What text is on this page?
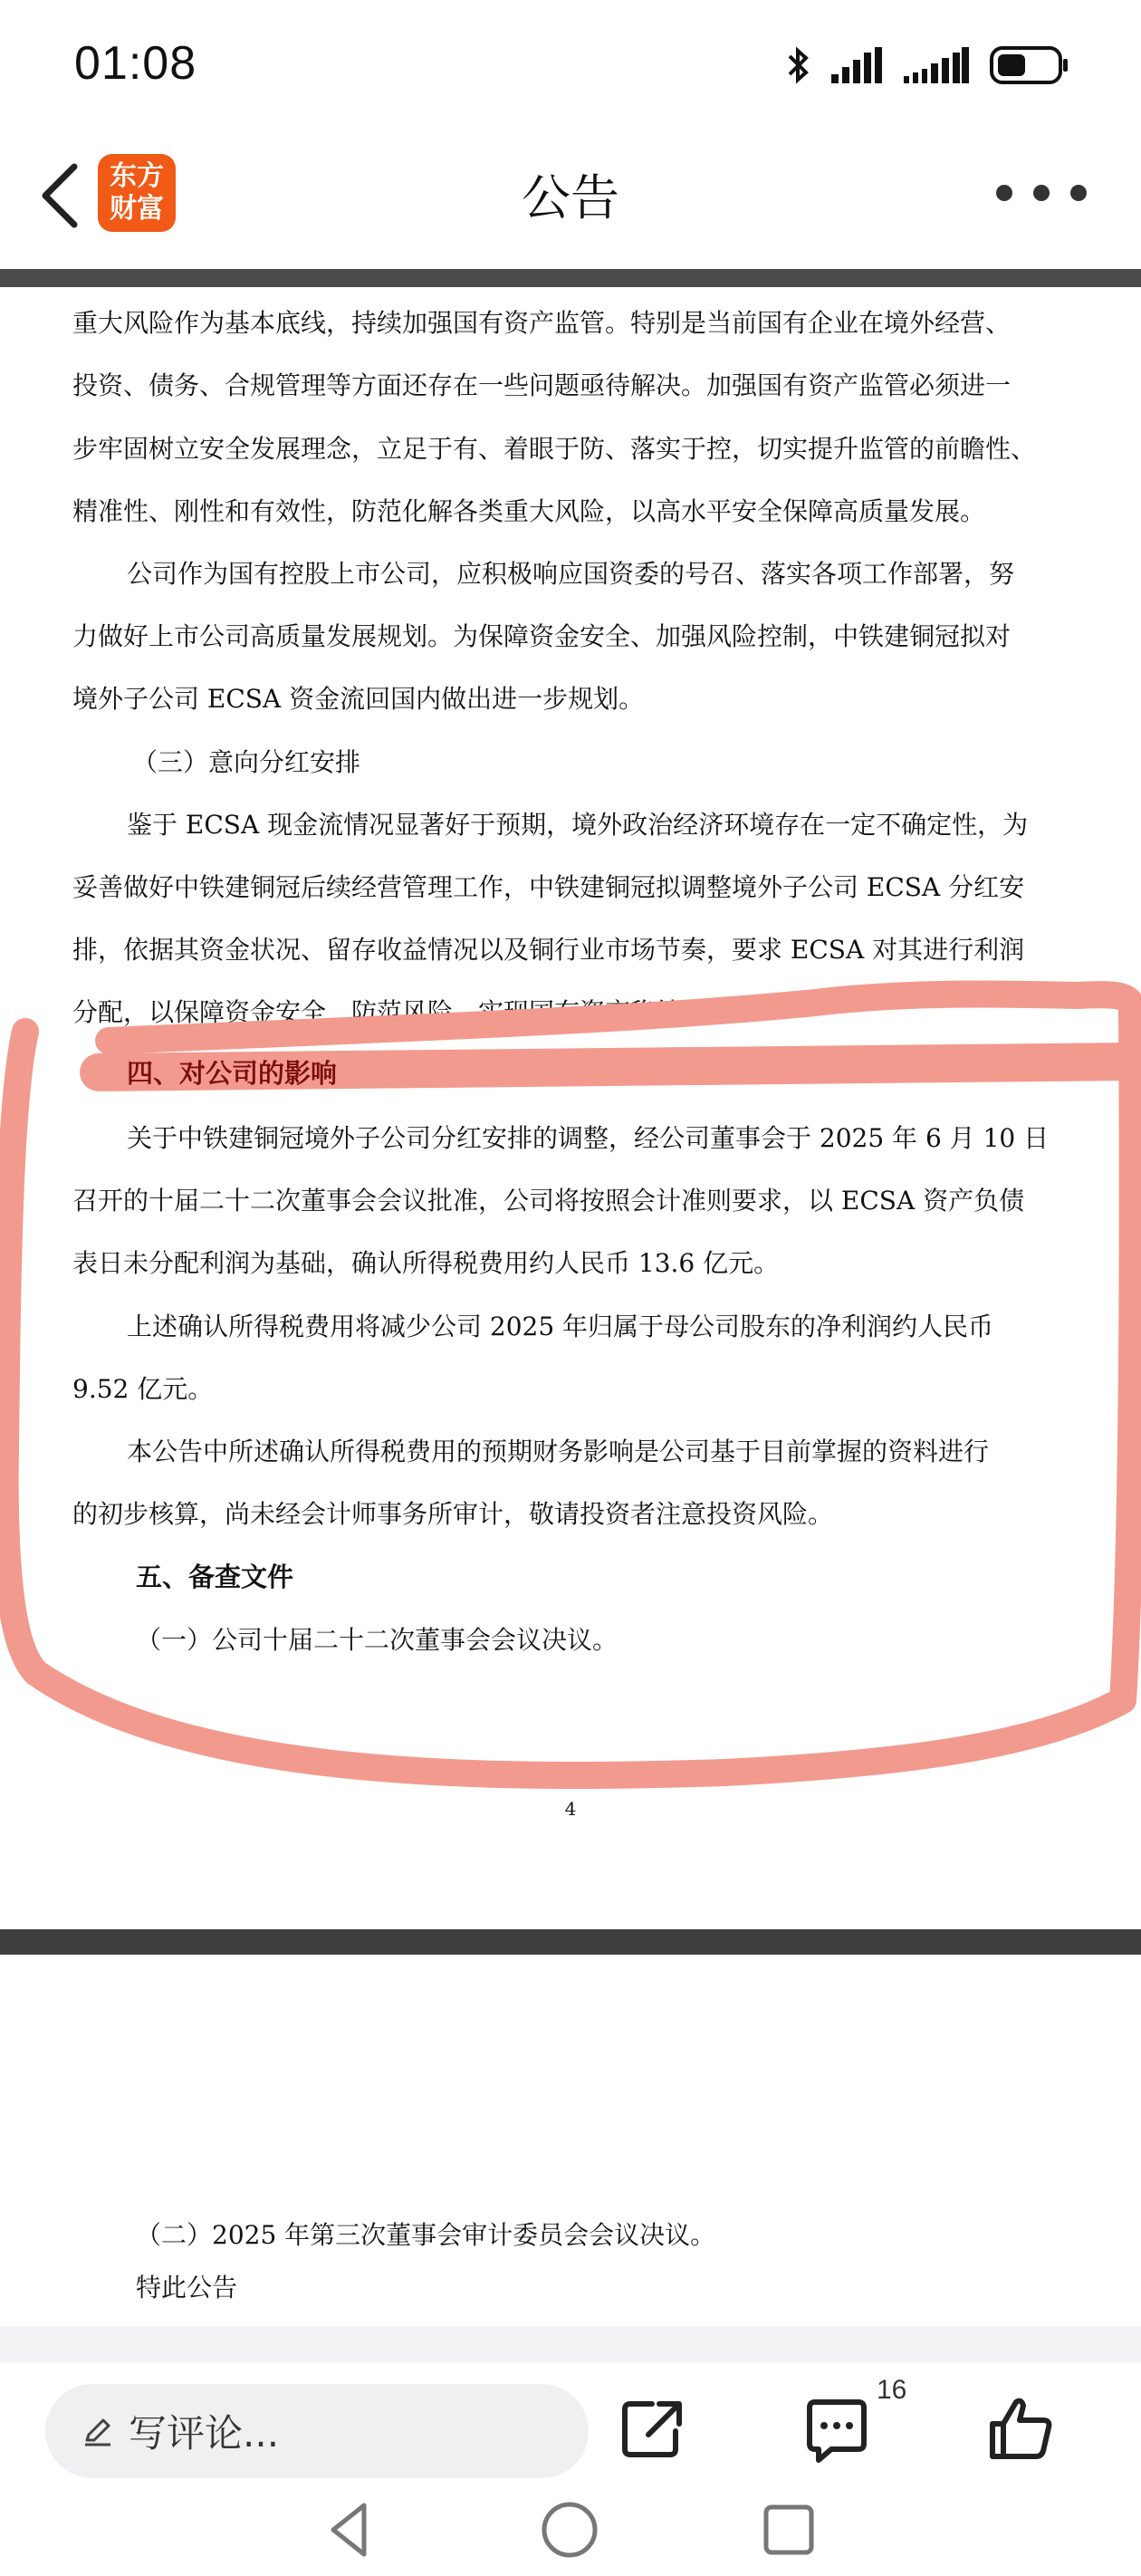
01:08
东方
财富	公告
重大风险作为基本底线，持续加强国有资产监管。特别是当前国有企业在境外经营、
投资、债务、合规管理等方面还存在一些问题亟待解决。加强国有资产监管必须进一
步牢固树立安全发展理念，立足于有、着眼于防、落实于控，切实提升监管的前瞻性、
精准性、刚性和有效性，防范化解各类重大风险，以高水平安全保障高质量发展。
公司作为国有控股上市公司，应积极响应国资委的号召、落实各项工作部署，努
力做好上市公司高质量发展规划。为保障资金安全、加强风险控制，中铁建铜冠拟对
境外子公司 ECSA 资金流回国内做出进一步规划。
（三）意向分红安排
鉴于 ECSA 现金流情况显著好于预期，境外政治经济环境存在一定不确定性，为
妥善做好中铁建铜冠后续经营管理工作，中铁建铜冠拟调整境外子公司 ECSA 分红安
排，依据其资金状况、留存收益情况以及铜行业市场节奏，要求 ECSA 对其进行利润
分配，以保障资金安全，防范风险，实现国有资产稳健增值。
四、对公司的影响
关于中铁建铜冠境外子公司分红安排的调整，经公司董事会于 2025 年 6 月 10 日
召开的十届二十二次董事会会议批准，公司将按照会计准则要求，以 ECSA 资产负债
表日未分配利润为基础，确认所得税费用约人民币 13.6 亿元。
上述确认所得税费用将减少公司 2025 年归属于母公司股东的净利润约人民币
9.52 亿元。
本公告中所述确认所得税费用的预期财务影响是公司基于目前掌握的资料进行
的初步核算，尚未经会计师事务所审计，敬请投资者注意投资风险。
五、备查文件
（一）公司十届二十二次董事会会议决议。
4
（二）2025 年第三次董事会审计委员会会议决议。
特此公告
写评论...
16
